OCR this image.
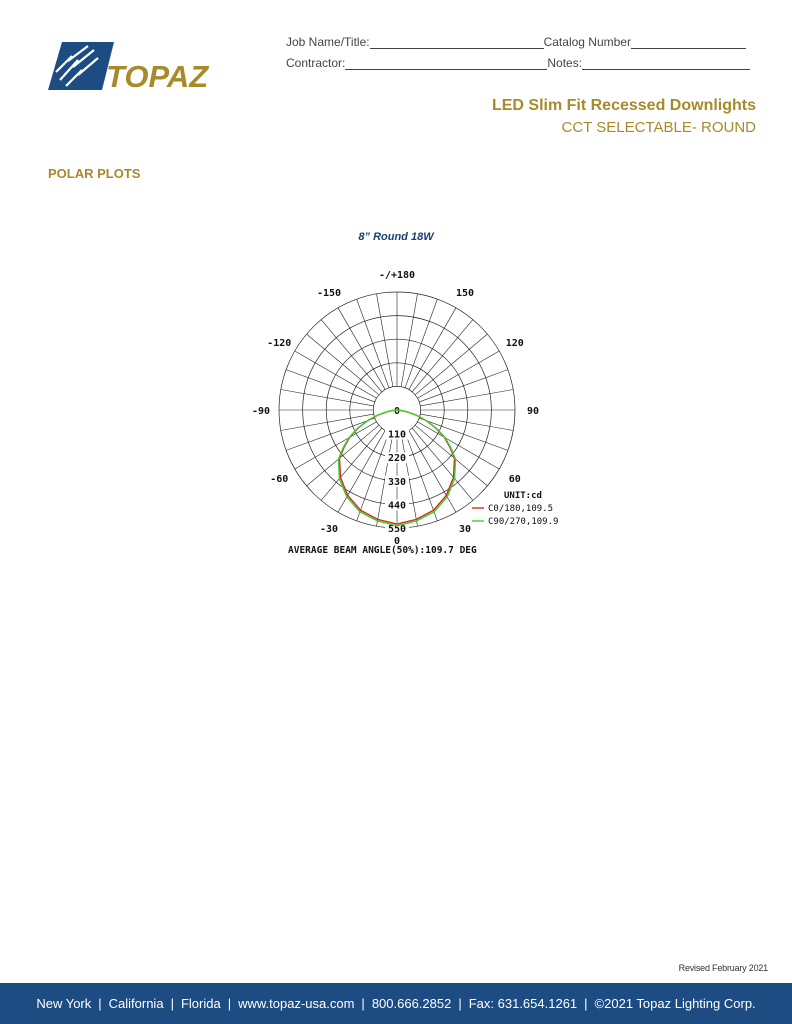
TOPAZ
Job Name/Title:	Catalog Number
Contractor:	Notes:
LED Slim Fit Recessed Downlights
CCT SELECTABLE- ROUND
POLAR PLOTS
8” Round 18W
-/+180
-150	150
-120	120
-90	90
-60	60
-30	30
0
0
110
220
330
440
550
UNIT:cd
C0/180,109.5
C90/270,109.9
AVERAGE BEAM ANGLE(50%):109.7 DEG
Revised February 2021
New York | California | Florida | www.topaz-usa.com | 800.666.2852 | Fax: 631.654.1261 | ©2021 Topaz Lighting Corp.
